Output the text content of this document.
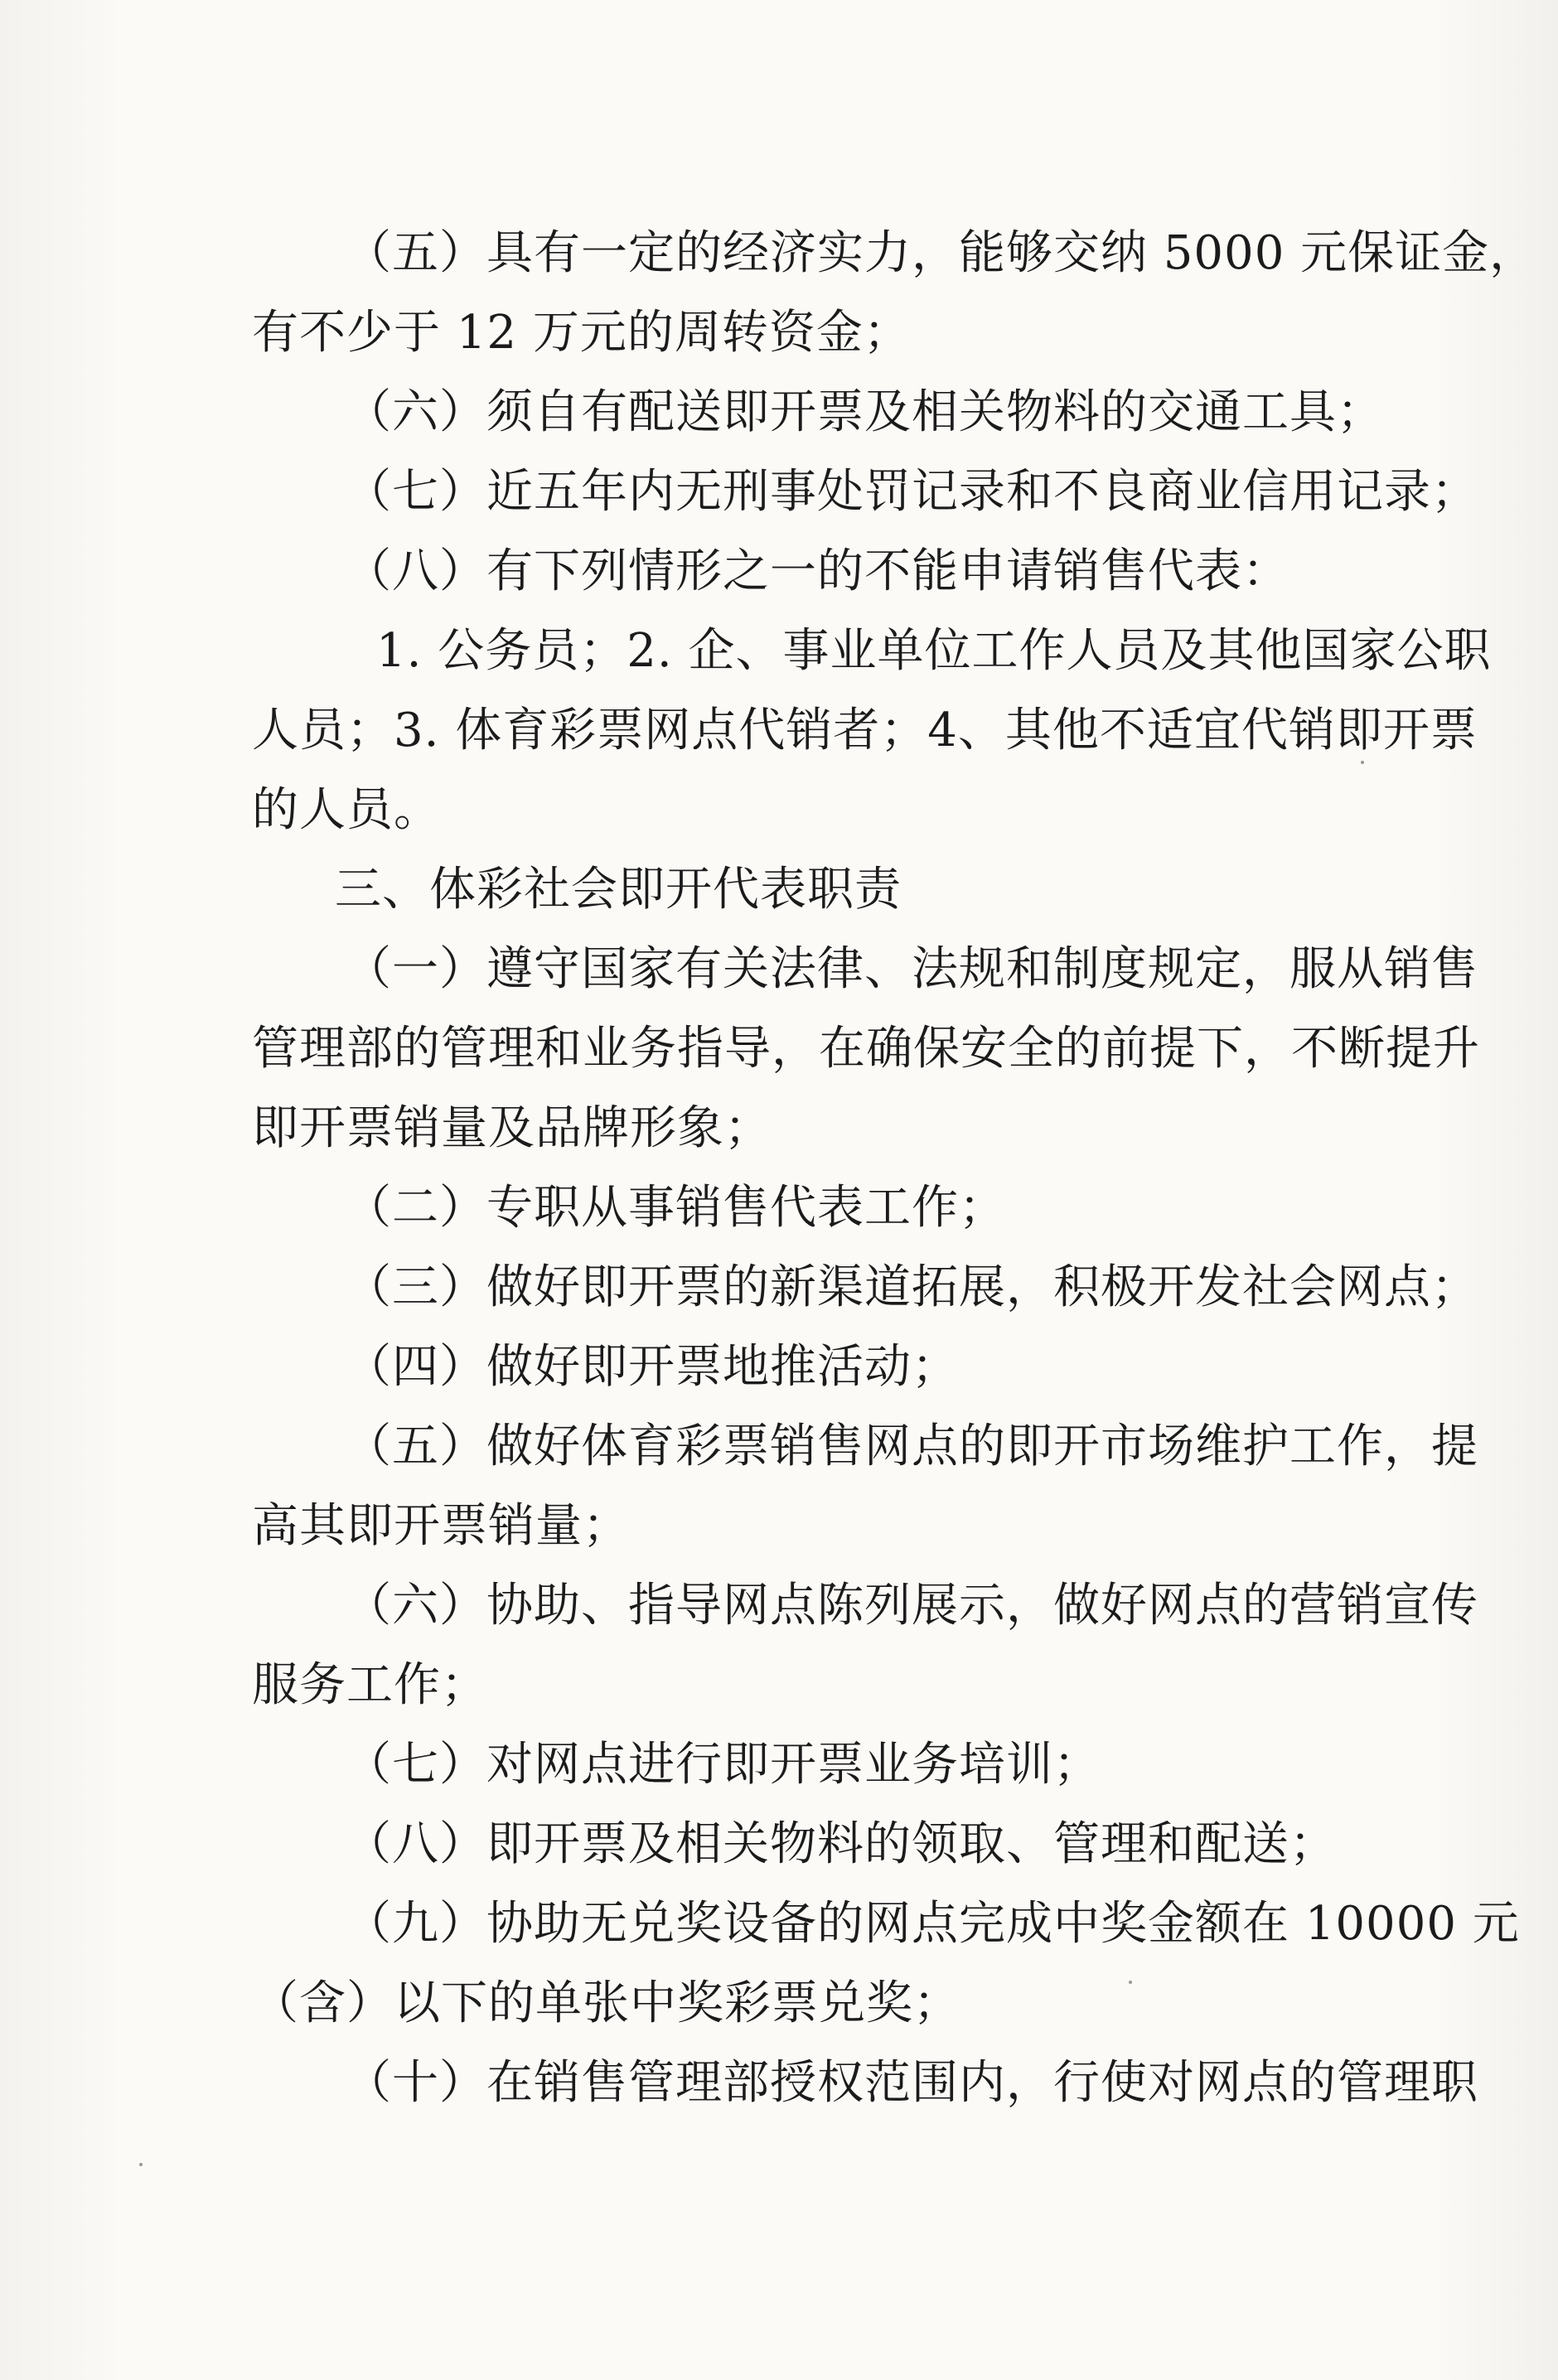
（五）具有一定的经济实力，能够交纳 5000 元保证金，
有不少于 12 万元的周转资金；
（六）须自有配送即开票及相关物料的交通工具；
（七）近五年内无刑事处罚记录和不良商业信用记录；
（八）有下列情形之一的不能申请销售代表：
1. 公务员；2. 企、事业单位工作人员及其他国家公职
人员；3. 体育彩票网点代销者；4、其他不适宜代销即开票
的人员。
三、体彩社会即开代表职责
（一）遵守国家有关法律、法规和制度规定，服从销售
管理部的管理和业务指导，在确保安全的前提下，不断提升
即开票销量及品牌形象；
（二）专职从事销售代表工作；
（三）做好即开票的新渠道拓展，积极开发社会网点；
（四）做好即开票地推活动；
（五）做好体育彩票销售网点的即开市场维护工作，提
高其即开票销量；
（六）协助、指导网点陈列展示，做好网点的营销宣传
服务工作；
（七）对网点进行即开票业务培训；
（八）即开票及相关物料的领取、管理和配送；
（九）协助无兑奖设备的网点完成中奖金额在 10000 元
（含）以下的单张中奖彩票兑奖；
（十）在销售管理部授权范围内，行使对网点的管理职
